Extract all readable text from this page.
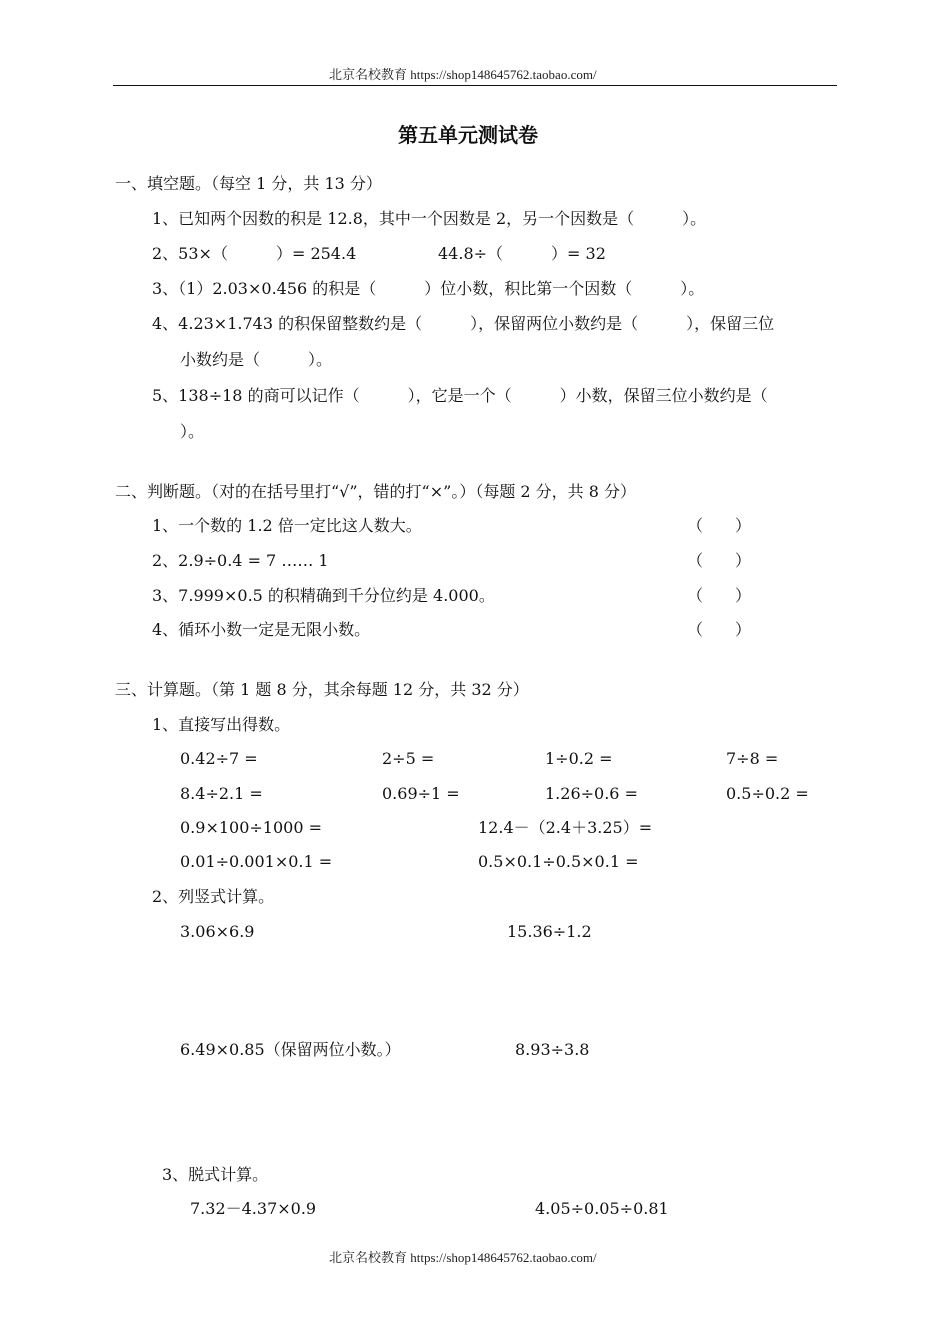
北京名校教育 https://shop148645762.taobao.com/
第五单元测试卷
一、填空题。（每空 1 分，共 13 分）
1、已知两个因数的积是 12.8，其中一个因数是 2，另一个因数是（　　　）。
2、53×（　　　）= 254.4	44.8÷（　　　）= 32
3、（1）2.03×0.456 的积是（　　　）位小数，积比第一个因数（　　　）。
4、4.23×1.743 的积保留整数约是（　　　），保留两位小数约是（　　　），保留三位
小数约是（　　　）。
5、138÷18 的商可以记作（　　　），它是一个（　　　）小数，保留三位小数约是（
）。
二、判断题。（对的在括号里打“√”，错的打“×”。）（每题 2 分，共 8 分）
1、一个数的 1.2 倍一定比这人数大。	（　　）
2、2.9÷0.4 = 7 …… 1	（　　）
3、7.999×0.5 的积精确到千分位约是 4.000。	（　　）
4、循环小数一定是无限小数。	（　　）
三、计算题。（第 1 题 8 分，其余每题 12 分，共 32 分）
1、直接写出得数。
0.42÷7 =	2÷5 =	1÷0.2 =	7÷8 =
8.4÷2.1 =	0.69÷1 =	1.26÷0.6 =	0.5÷0.2 =
0.9×100÷1000 =	12.4－（2.4＋3.25）=
0.01÷0.001×0.1 =	0.5×0.1÷0.5×0.1 =
2、列竖式计算。
3.06×6.9	15.36÷1.2
6.49×0.85（保留两位小数。）	8.93÷3.8
3、脱式计算。
7.32－4.37×0.9	4.05÷0.05÷0.81
北京名校教育 https://shop148645762.taobao.com/
